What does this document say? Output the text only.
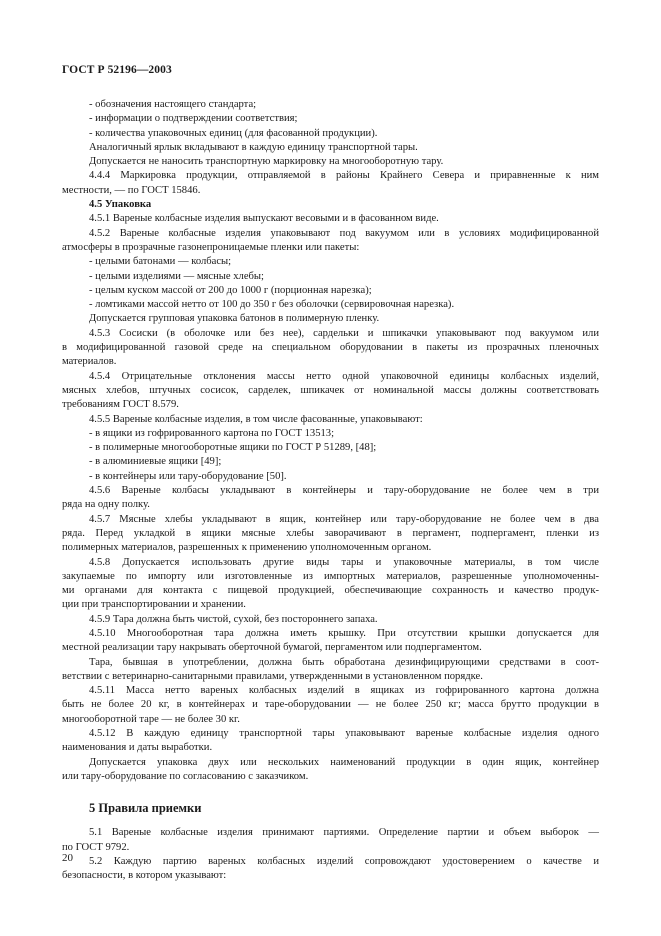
ГОСТ Р 52196—2003
- обозначения настоящего стандарта;
- информации о подтверждении соответствия;
- количества упаковочных единиц (для фасованной продукции).
Аналогичный ярлык вкладывают в каждую единицу транспортной тары.
Допускается не наносить транспортную маркировку на многооборотную тару.
4.4.4 Маркировка продукции, отправляемой в районы Крайнего Севера и приравненные к ним
местности, — по ГОСТ 15846.
4.5 Упаковка
4.5.1 Вареные колбасные изделия выпускают весовыми и в фасованном виде.
4.5.2 Вареные колбасные изделия упаковывают под вакуумом или в условиях модифицированной
атмосферы в прозрачные газонепроницаемые пленки или пакеты:
- целыми батонами — колбасы;
- целыми изделиями — мясные хлебы;
- целым куском массой от 200 до 1000 г (порционная нарезка);
- ломтиками массой нетто от 100 до 350 г без оболочки (сервировочная нарезка).
Допускается групповая упаковка батонов в полимерную пленку.
4.5.3 Сосиски (в оболочке или без нее), сардельки и шпикачки упаковывают под вакуумом или
в модифицированной газовой среде на специальном оборудовании в пакеты из прозрачных пленочных
материалов.
4.5.4 Отрицательные отклонения массы нетто одной упаковочной единицы колбасных изделий,
мясных хлебов, штучных сосисок, сарделек, шпикачек от номинальной массы должны соответствовать
требованиям ГОСТ 8.579.
4.5.5 Вареные колбасные изделия, в том числе фасованные, упаковывают:
- в ящики из гофрированного картона по ГОСТ 13513;
- в полимерные многооборотные ящики по ГОСТ Р 51289, [48];
- в алюминиевые ящики [49];
- в контейнеры или тару-оборудование [50].
4.5.6 Вареные колбасы укладывают в контейнеры и тару-оборудование не более чем в три
ряда на одну полку.
4.5.7 Мясные хлебы укладывают в ящик, контейнер или тару-оборудование не более чем в два
ряда. Перед укладкой в ящики мясные хлебы заворачивают в пергамент, подпергамент, пленки из
полимерных материалов, разрешенных к применению уполномоченным органом.
4.5.8 Допускается использовать другие виды тары и упаковочные материалы, в том числе
закупаемые по импорту или изготовленные из импортных материалов, разрешенные уполномоченны-
ми органами для контакта с пищевой продукцией, обеспечивающие сохранность и качество продук-
ции при транспортировании и хранении.
4.5.9 Тара должна быть чистой, сухой, без постороннего запаха.
4.5.10 Многооборотная тара должна иметь крышку. При отсутствии крышки допускается для
местной реализации тару накрывать оберточной бумагой, пергаментом или подпергаментом.
Тара, бывшая в употреблении, должна быть обработана дезинфицирующими средствами в соот-
ветствии с ветеринарно-санитарными правилами, утвержденными в установленном порядке.
4.5.11 Масса нетто вареных колбасных изделий в ящиках из гофрированного картона должна
быть не более 20 кг, в контейнерах и таре-оборудовании — не более 250 кг; масса брутто продукции в
многооборотной таре — не более 30 кг.
4.5.12 В каждую единицу транспортной тары упаковывают вареные колбасные изделия одного
наименования и даты выработки.
Допускается упаковка двух или нескольких наименований продукции в один ящик, контейнер
или тару-оборудование по согласованию с заказчиком.
5 Правила приемки
5.1 Вареные колбасные изделия принимают партиями. Определение партии и объем выборок —
по ГОСТ 9792.
5.2 Каждую партию вареных колбасных изделий сопровождают удостоверением о качестве и
безопасности, в котором указывают:
20
